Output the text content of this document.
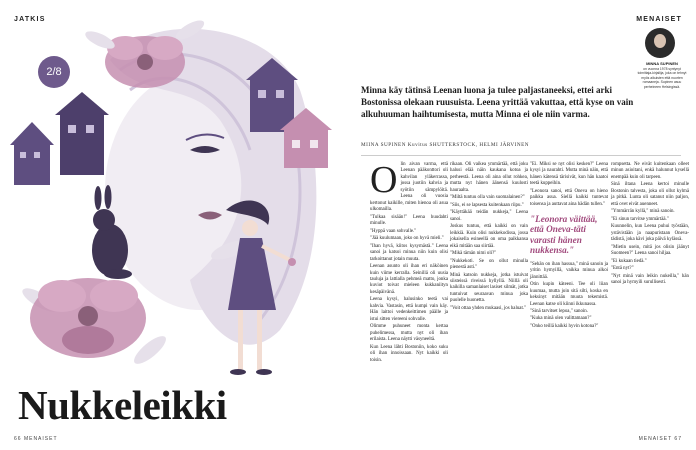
JATKIS	MENAISET
2/8
Nukkeleikki
MINNA SUPINEN
on vuonna 1978 syntynyt toimittaja-kirjailija, joka on tehnyt myös aikuisten että nuorten romaaneja. Supinen asuu perheineen Helsingissä.
Minna käy tätinsä Leenan luona ja tulee paljastaneeksi, ettei arki Bostonissa olekaan ruusuista. Leena yrittää vakuttaa, että kyse on vain alkuhuuman haihtumisesta, mutta Minna ei ole niin varma.
MIINA SUPINEN Kuvitus SHUTTERSTOCK, HELMI JÄRVINEN
O lin aivan varma, että Leenan pääkonttori oli kahvilan yläkerrassa, jossa juotiin kahvia ja syötiin sämpylöitä. Leena oli vuosia kertonut kaikille, miten hienoa oli asua ulkomailla.

"Tulkaa sisään!" Leena huudahti minulle.

"Hyppä vaan sohvalle."

"Jää kuulumaan, joko on hyvä mieli."

"Ihan hyvä, kiitos kysymästä." Leena sanoi ja katsoi minua niin kuin olisi tarkoittanut jotain muuta.

Leenan asunto oli ihan eri näköinen kuin viime kerralla. Seinillä oli uusia tauluja ja lattialla pehmeä matto, jonka kuviot toivat mieleen kukkaniityn kesäpäivänä.

Leena kysyi, halusinko teetä vai kahvia. Vastasin, että kumpi vain käy. Hän laittoi vedenkeittimen päälle ja istui sitten viereeni sohvalle.

Olimme puhuneet monta kertaa puhelimessa, mutta nyt oli ihan erilaista. Leena näytti väsyneeltä.

Kun Leena lähti Bostoniin, koko suku oli ihan innoissaan. Nyt kaikki oli toisin.

rikaan. Oli vaikea ymmärtää, että joku halusi elää näin kaukana kotoa ja perheestä. Leena oli aina ollut rohkea, mutta nyt hänen äänensä kuulosti hauraalta.

"Miltä tuntuu olla vain suomalainen?"

"Siis, ei se lapsesta kuitenkaan riipu."

"Käyttäkää teidän nukkeja," Leena sanoi.

Joskus tuntuu, että kaikki on vain leikkiä. Kuin olisi nukkekodissa, jossa jokaisella esineellä on oma paikkansa eikä mitään saa siirtää.

"Mikä tämän nimi oli?"

"Nukkekoti. Se on ollut minulla pienestä asti."

Minä katsoin nukkeja, jotka istuivat siisteissä riveissä hyllyllä. Niillä oli kaikilla samanlaiset lasiset silmät, jotka tuntuivat seuraavan minua joka puolelle huonetta.

"Voit ottaa yhden mukaasi, jos haluat."

"Ei. Miksi se nyt olisi kesken?" Leena kysyi ja naurahti. Mutta minä näin, että hänen kätensä tärisivät, kun hän kaatoi teetä kuppeihin.

"Leonora sanoi, että Oneva on hieno paikka asua. Siellä kaikki tuntevat toisensa ja auttavat aina hädän tullen."

"Leonora väittää, että Oneva-täti varasti hänen nukkensa."

"Sehän on ihan hassua," minä sanoin ja yritin hymyillä, vaikka minua alkoi jännittää.

Otin kupin käteeni. Tee oli liian kuumaa, mutta join sitä silti, koska en keksinyt mitään muuta tekemistä. Leenan katse oli kiinni ikkunassa.

"Sinä tarvitset lepoa," sanoin.

"Kuka minä olen valittamaan?"

"Onko teillä kaikki hyvin kotona?"

rompsetta. Ne eivät kuitenkaan olleet minun asioitani, enkä halunnut kysellä enempää kuin oli tarpeen.

Sinä iltana Leena kertoi minulle Bostonin talvesta, joka oli ollut kylmä ja pitkä. Lunta oli satanut niin paljon, että ovet eivät auenneet.

"Ymmärrän kyllä," minä sanoin.

"Ei sinun tarvitse ymmärtää."

Kuunnelin, kun Leena puhui työstään, ystävistään ja naapuristaan Oneva-tädistä, joka kävi joka päivä kylässä.

"Mietin usein, mitä jos olisin jäänyt Suomeen?" Leena sanoi hiljaa.

"Ei kukaan tiedä."

"Entä nyt?"

"Nyt minä vain leikin nukeilla," hän sanoi ja hymyili surullisesti.

66 MENAISET	MENAISET 67
